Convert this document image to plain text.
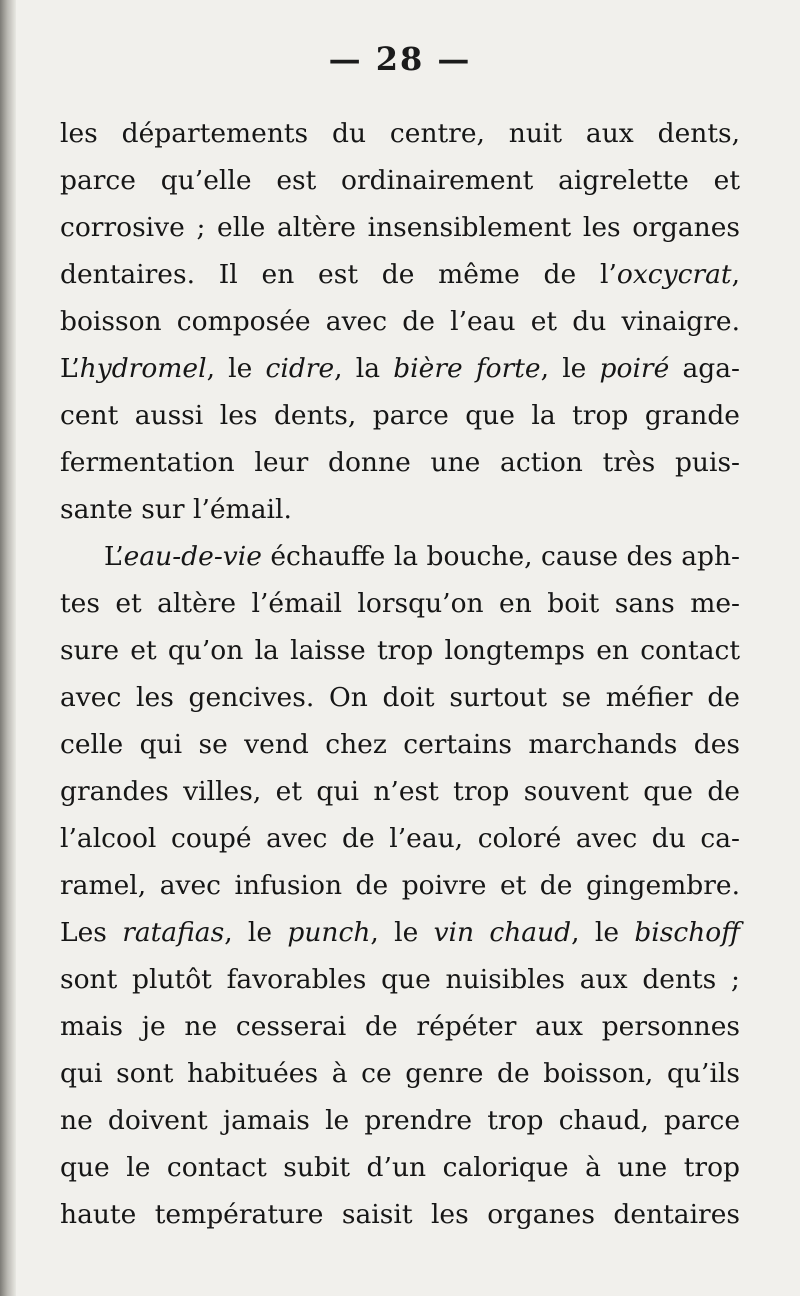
— 28 —
les départements du centre, nuit aux dents,
parce qu’elle est ordinairement aigrelette et
corrosive ; elle altère insensiblement les organes
dentaires. Il en est de même de l’oxcycrat,
boisson composée avec de l’eau et du vinaigre.
L’hydromel, le cidre, la bière forte, le poiré aga-
cent aussi les dents, parce que la trop grande
fermentation leur donne une action très puis-
sante sur l’émail.
L’eau-de-vie échauffe la bouche, cause des aph-
tes et altère l’émail lorsqu’on en boit sans me-
sure et qu’on la laisse trop longtemps en contact
avec les gencives. On doit surtout se méfier de
celle qui se vend chez certains marchands des
grandes villes, et qui n’est trop souvent que de
l’alcool coupé avec de l’eau, coloré avec du ca-
ramel, avec infusion de poivre et de gingembre.
Les ratafias, le punch, le vin chaud, le bischoff
sont plutôt favorables que nuisibles aux dents ;
mais je ne cesserai de répéter aux personnes
qui sont habituées à ce genre de boisson, qu’ils
ne doivent jamais le prendre trop chaud, parce
que le contact subit d’un calorique à une trop
haute température saisit les organes dentaires
